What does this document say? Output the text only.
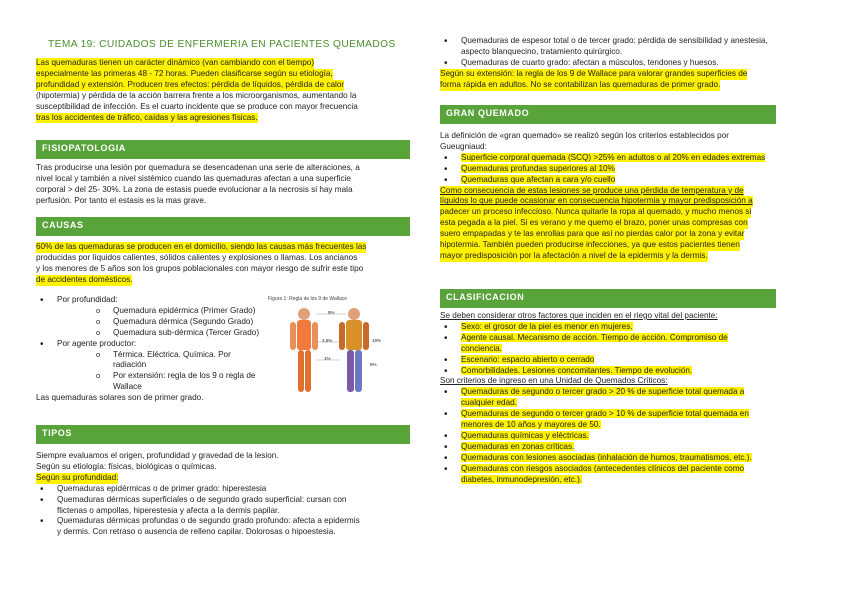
TEMA 19: CUIDADOS DE ENFERMERIA EN PACIENTES QUEMADOS

Las quemaduras tienen un carácter dinámico (van cambiando con el tiempo)

especialmente las primeras 48 - 72 horas. Pueden clasificarse según su etiología,

profundidad y extensión. Producen tres efectos: pérdida de líquidos, pérdida de calor

(hipotermia) y pérdida de la acción barrera frente a los microorganismos, aumentando la

susceptibilidad de infección. Es el cuarto incidente que se produce con mayor frecuencia

tras los accidentes de tráfico, caídas y las agresiones físicas.

FISIOPATOLOGIA

Tras producirse una lesión por quemadura se desencadenan una serie de alteraciones, a

nivel local y también a nivel sistémico cuando las quemaduras afectan a una superficie

corporal > del 25- 30%. La zona de estasis puede evolucionar a la necrosis si hay mala

perfusión. Por tanto el estasis es la mas grave.

CAUSAS

60% de las quemaduras se producen en el domicilio, siendo las causas más frecuentes las

producidas por líquidos calientes, sólidos calientes y explosiones o llamas. Los ancianos

y los menores de 5 años son los grupos poblacionales con mayor riesgo de sufrir este tipo

de accidentes domésticos.

• Por profundidad:
o Quemadura epidérmica (Primer Grado)
o Quemadura dérmica (Segundo Grado)
o Quemadura sub-dérmica (Tercer Grado)
• Por agente productor:
o Térmica. Eléctrica. Química. Por
radiación
o Por extensión: regla de los 9 o regla de
Wallace

Las quemaduras solares son de primer grado.

Figura 1: Regla de los 9 de Wallace
9%
4,5%	18%
1%
9%
TIPOS

Siempre evaluamos el origen, profundidad y gravedad de la lesion.

Según su etiología: físicas, biológicas o químicas.

Según su profundidad:

• Quemaduras epidérmicas o de primer grado: hiperestesia
• Quemaduras dérmicas superficiales o de segundo grado superficial: cursan con
flictenas o ampollas, hiperestesia y afecta a la dermis papilar.
• Quemaduras dérmicas profundas o de segundo grado profundo: afecta a epidermis
y dermis. Con retraso o ausencia de relleno capilar. Dolorosas o hipoestesia.
• Quemaduras de espesor total o de tercer grado: pérdida de sensibilidad y anestesia,
aspecto blanquecino, tratamiento quirúrgico.
• Quemaduras de cuarto grado: afectan a músculos, tendones y huesos.

Según su extensión: la regla de los 9 de Wallace para valorar grandes superficies de

forma rápida en adultos. No se contabilizan las quemaduras de primer grado.

GRAN QUEMADO

La definición de «gran quemado» se realizó según los criterios establecidos por

Gueugniaud:

• Superficie corporal quemada (SCQ) >25% en adultos o al 20% en edades extremas
• Quemaduras profundas superiores al 10%
• Quemaduras que afectan a cara y/o cuello

Como consecuencia de estas lesiones se produce una pérdida de temperatura y de

líquidos lo que puede ocasionar en consecuencia hipotermia y mayor predisposición a

padecer un proceso infeccioso. Nunca quitarle la ropa al quemado, y mucho menos si

esta pegada a la piel. Si es verano y me quemo el brazo, poner unas compresas con

suero empapadas y te las enrollas para que así no pierdas calor por la zona y evitar

hipotermia. También pueden producirse infecciones, ya que estos pacientes tienen

mayor predisposición por la afectación a nivel de la epidermis y la dermis.

CLASIFICACION

Se deben considerar otros factores que inciden en el riego vital del paciente:

• Sexo: el grosor de la piel es menor en mujeres.
• Agente causal. Mecanismo de acción. Tiempo de acción. Compromiso de
conciencia.
• Escenario: espacio abierto o cerrado
• Comorbilidades. Lesiones concomitantes. Tiempo de evolución.

Son criterios de ingreso en una Unidad de Quemados Críticos:

• Quemaduras de segundo o tercer grado > 20 % de superficie total quemada a
cualquier edad.
• Quemaduras de segundo o tercer grado > 10 % de superficie total quemada en
menores de 10 años y mayores de 50.
• Quemaduras químicas y eléctricas.
• Quemaduras en zonas críticas.
• Quemaduras con lesiones asociadas (inhalación de humos, traumatismos, etc.).
• Quemaduras con riesgos asociados (antecedentes clínicos del paciente como
diabetes, inmunodepresión, etc.).
